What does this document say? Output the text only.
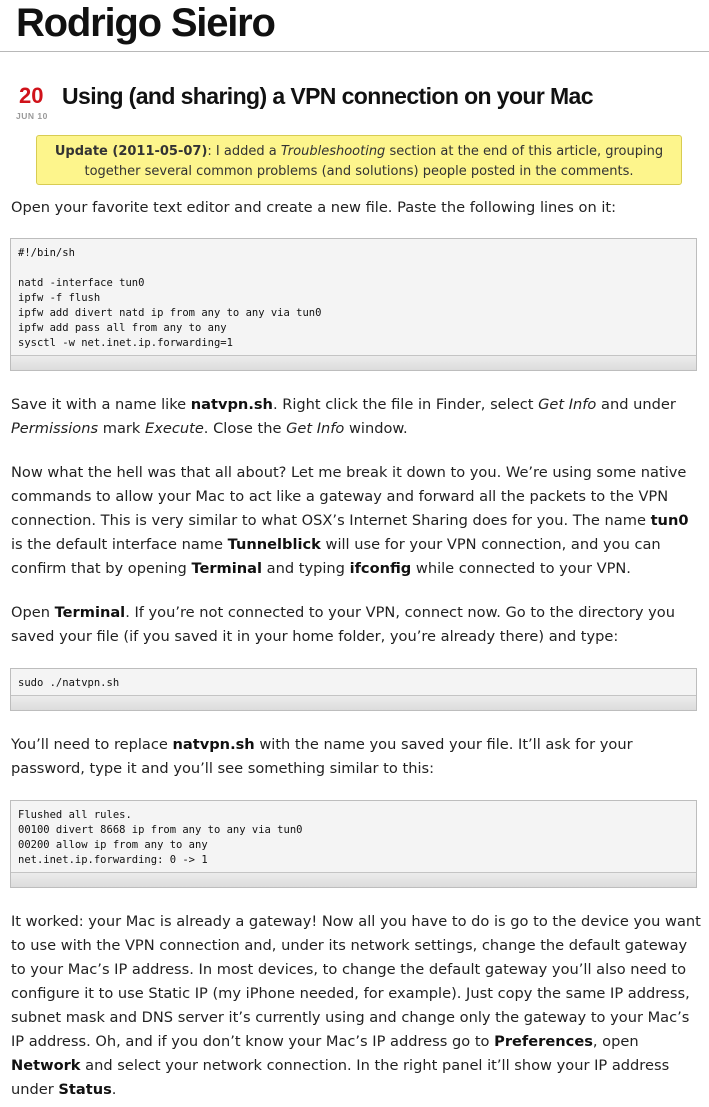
Rodrigo Sieiro
20
JUN 10
Using (and sharing) a VPN connection on your Mac
Update (2011-05-07): I added a Troubleshooting section at the end of this article, grouping together several common problems (and solutions) people posted in the comments.

Open your favorite text editor and create a new file. Paste the following lines on it:

#!/bin/sh

natd -interface tun0
ipfw -f flush
ipfw add divert natd ip from any to any via tun0
ipfw add pass all from any to any
sysctl -w net.inet.ip.forwarding=1

Save it with a name like natvpn.sh. Right click the file in Finder, select Get Info and under Permissions mark Execute. Close the Get Info window.

Now what the hell was that all about? Let me break it down to you. We’re using some native commands to allow your Mac to act like a gateway and forward all the packets to the VPN connection. This is very similar to what OSX’s Internet Sharing does for you. The name tun0 is the default interface name Tunnelblick will use for your VPN connection, and you can confirm that by opening Terminal and typing ifconfig while connected to your VPN.

Open Terminal. If you’re not connected to your VPN, connect now. Go to the directory you saved your file (if you saved it in your home folder, you’re already there) and type:

sudo ./natvpn.sh

You’ll need to replace natvpn.sh with the name you saved your file. It’ll ask for your password, type it and you’ll see something similar to this:

Flushed all rules.
00100 divert 8668 ip from any to any via tun0
00200 allow ip from any to any
net.inet.ip.forwarding: 0 -> 1

It worked: your Mac is already a gateway! Now all you have to do is go to the device you want to use with the VPN connection and, under its network settings, change the default gateway to your Mac’s IP address. In most devices, to change the default gateway you’ll also need to configure it to use Static IP (my iPhone needed, for example). Just copy the same IP address, subnet mask and DNS server it’s currently using and change only the gateway to your Mac’s IP address. Oh, and if you don’t know your Mac’s IP address go to Preferences, open Network and select your network connection. In the right panel it’ll show your IP address under Status.
